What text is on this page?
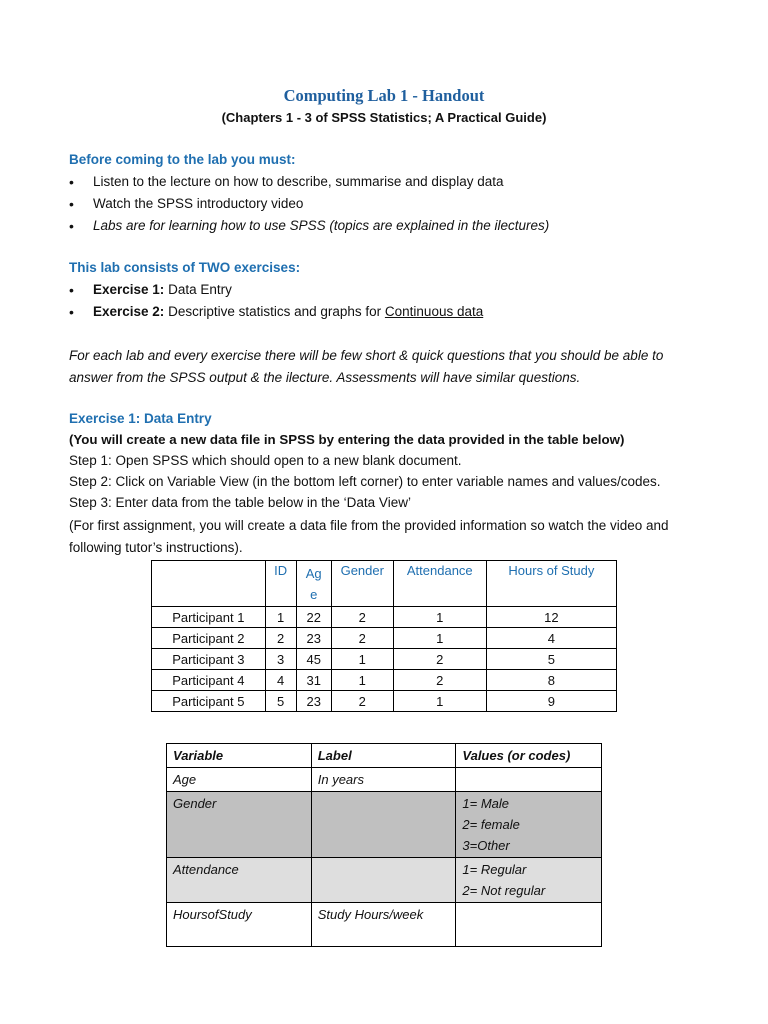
Computing Lab 1 - Handout

(Chapters 1 - 3 of SPSS Statistics; A Practical Guide)

Before coming to the lab you must:

•	Listen to the lecture on how to describe, summarise and display data
•	Watch the SPSS introductory video
•	Labs are for learning how to use SPSS (topics are explained in the ilectures)

This lab consists of TWO exercises:

•	Exercise 1: Data Entry
•	Exercise 2: Descriptive statistics and graphs for Continuous data

For each lab and every exercise there will be few short & quick questions that you should be able to answer from the SPSS output & the ilecture. Assessments will have similar questions.

Exercise 1: Data Entry

(You will create a new data file in SPSS by entering the data provided in the table below)

Step 1: Open SPSS which should open to a new blank document.

Step 2: Click on Variable View (in the bottom left corner) to enter variable names and values/codes.

Step 3: Enter data from the table below in the ‘Data View’

(For first assignment, you will create a data file from the provided information so watch the video and following tutor’s instructions).

	ID	Ag e	Gender	Attendance	Hours of Study
Participant 1	1	22	2	1	12
Participant 2	2	23	2	1	4
Participant 3	3	45	1	2	5
Participant 4	4	31	1	2	8
Participant 5	5	23	2	1	9
Variable	Label	Values (or codes)
Age	In years	
Gender		1= Male
2= female
3=Other

Attendance		1= Regular
2= Not regular

HoursofStudy	Study Hours/week	
